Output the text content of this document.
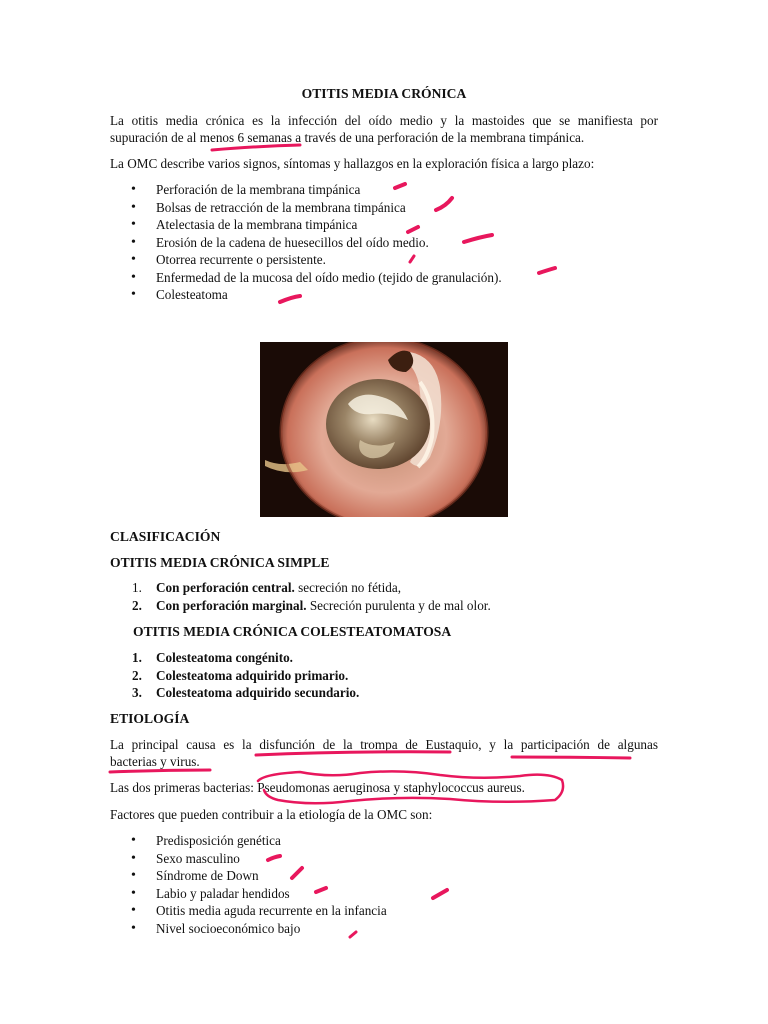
OTITIS MEDIA CRÓNICA
La otitis media crónica es la infección del oído medio y la mastoides que se manifiesta por
supuración de al menos 6 semanas a través de una perforación de la membrana timpánica.
La OMC describe varios signos, síntomas y hallazgos en la exploración física a largo plazo:
• Perforación de la membrana timpánica
• Bolsas de retracción de la membrana timpánica
• Atelectasia de la membrana timpánica
• Erosión de la cadena de huesecillos del oído medio.
• Otorrea recurrente o persistente.
• Enfermedad de la mucosa del oído medio (tejido de granulación).
• Colesteatoma
CLASIFICACIÓN
OTITIS MEDIA CRÓNICA SIMPLE
1. Con perforación central. secreción no fétida,
2. Con perforación marginal. Secreción purulenta y de mal olor.
OTITIS MEDIA CRÓNICA COLESTEATOMATOSA
1. Colesteatoma congénito.
2. Colesteatoma adquirido primario.
3. Colesteatoma adquirido secundario.
ETIOLOGÍA
La principal causa es la disfunción de la trompa de Eustaquio, y la participación de algunas
bacterias y virus.
Las dos primeras bacterias: Pseudomonas aeruginosa y staphylococcus aureus.
Factores que pueden contribuir a la etiología de la OMC son:
• Predisposición genética
• Sexo masculino
• Síndrome de Down
• Labio y paladar hendidos
• Otitis media aguda recurrente en la infancia
• Nivel socioeconómico bajo
